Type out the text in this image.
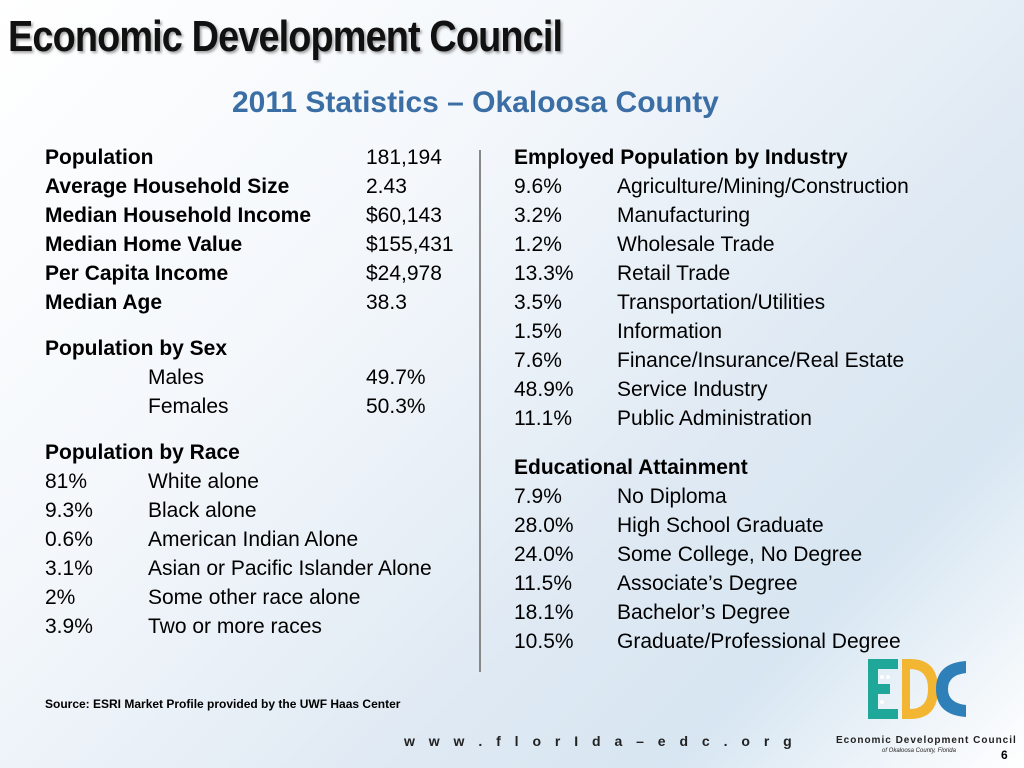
Economic Development Council
2011 Statistics – Okaloosa County
Population	181,194
Average Household Size	2.43
Median Household Income	$60,143
Median Home Value	$155,431
Per Capita Income	$24,978
Median Age	38.3
Population by Sex
Males	49.7%
Females	50.3%
Population by Race
81%	White alone
9.3%	Black alone
0.6%	American Indian Alone
3.1%	Asian or Pacific Islander Alone
2%	Some other race alone
3.9%	Two or more races
Employed Population by Industry
9.6%	Agriculture/Mining/Construction
3.2%	Manufacturing
1.2%	Wholesale Trade
13.3% Retail Trade
3.5%	Transportation/Utilities
1.5%	Information
7.6%	Finance/Insurance/Real Estate
48.9% Service Industry
11.1% Public Administration
Educational Attainment
7.9%	No Diploma
28.0% High School Graduate
24.0% Some College, No Degree
11.5% Associate’s Degree
18.1% Bachelor’s Degree
10.5% Graduate/Professional Degree
Source: ESRI Market Profile provided by the UWF Haas Center
w w w . f l o r I d a – e d c . o r g
6
Economic Development Council
of Okaloosa County, Florida
